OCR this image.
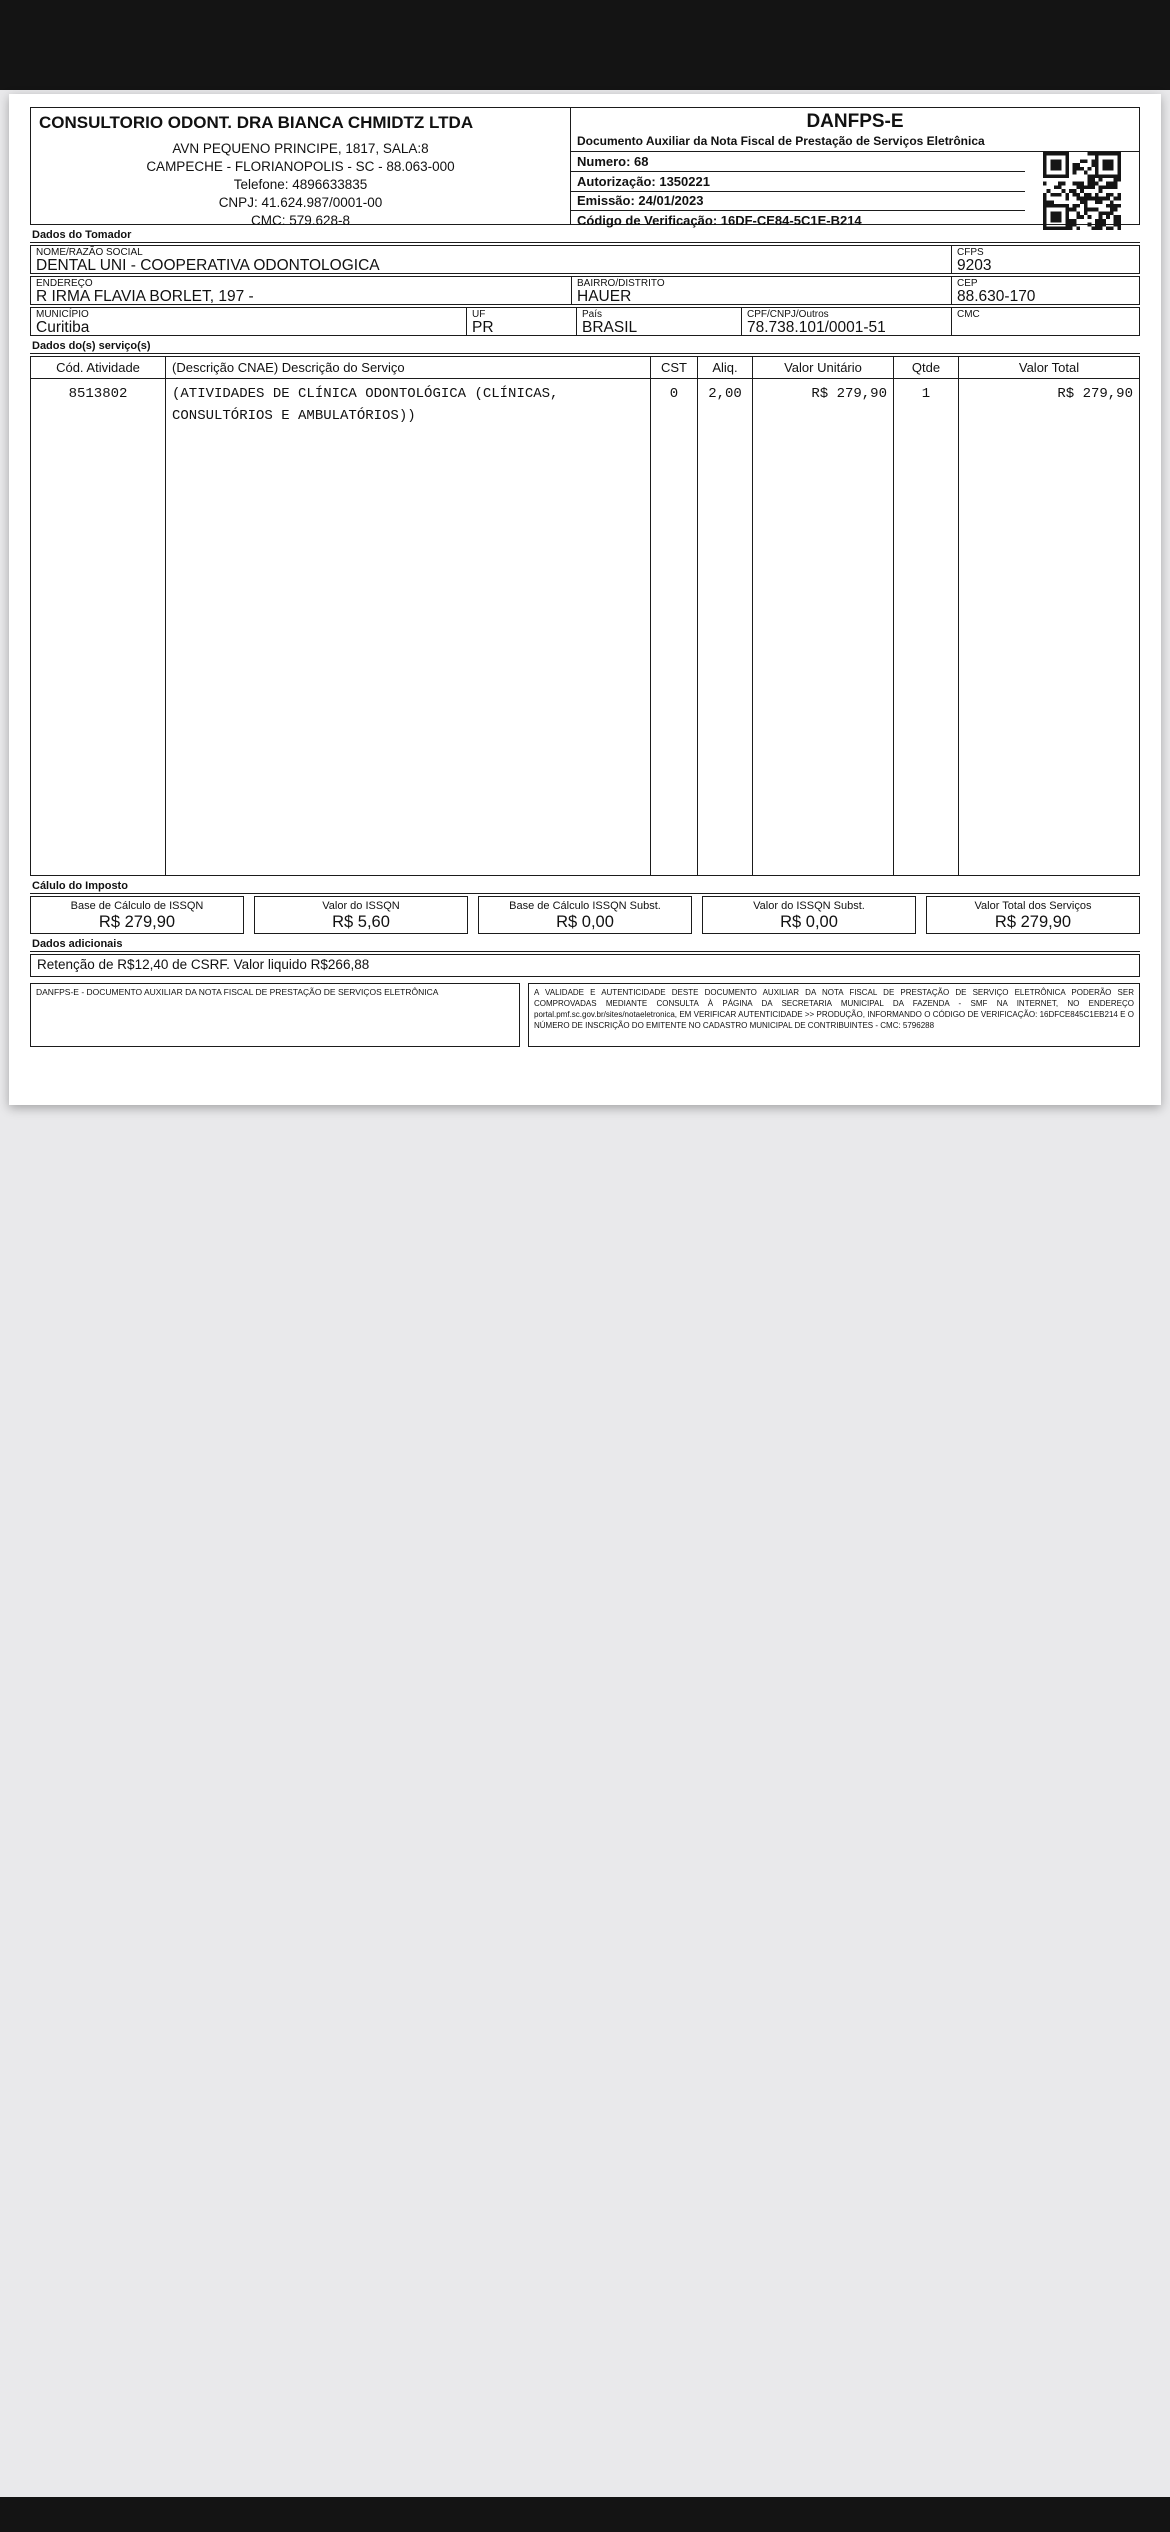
CONSULTORIO ODONT. DRA BIANCA CHMIDTZ LTDA
AVN PEQUENO PRINCIPE, 1817, SALA:8
CAMPECHE - FLORIANOPOLIS - SC - 88.063-000
Telefone: 4896633835
CNPJ: 41.624.987/0001-00
CMC: 579.628-8
DANFPS-E
Documento Auxiliar da Nota Fiscal de Prestação de Serviços Eletrônica
Numero: 68
Autorização: 1350221
Emissão: 24/01/2023
Código de Verificação: 16DF-CE84-5C1E-B214
Dados do Tomador
NOME/RAZÃO SOCIAL
DENTAL UNI - COOPERATIVA ODONTOLOGICA
CFPS
9203
ENDEREÇO
R IRMA FLAVIA BORLET, 197 -
BAIRRO/DISTRITO
HAUER
CEP
88.630-170
MUNICÍPIO
Curitiba
UF
PR
País
BRASIL
CPF/CNPJ/Outros
78.738.101/0001-51
CMC
Dados do(s) serviço(s)
Cód. Atividade
8513802
(Descrição CNAE) Descrição do Serviço
(ATIVIDADES DE CLÍNICA ODONTOLÓGICA (CLÍNICAS,
CONSULTÓRIOS E AMBULATÓRIOS))
CST
0
Aliq.
2,00
Valor Unitário
R$ 279,90
Qtde
1
Valor Total
R$ 279,90
Cálulo do Imposto
Base de Cálculo de ISSQN
R$ 279,90
Valor do ISSQN
R$ 5,60
Base de Cálculo ISSQN Subst.
R$ 0,00
Valor do ISSQN Subst.
R$ 0,00
Valor Total dos Serviços
R$ 279,90
Dados adicionais
Retenção de R$12,40 de CSRF. Valor liquido R$266,88
DANFPS-E - DOCUMENTO AUXILIAR DA NOTA FISCAL DE PRESTAÇÃO DE SERVIÇOS ELETRÔNICA	A VALIDADE E AUTENTICIDADE DESTE DOCUMENTO AUXILIAR DA NOTA FISCAL DE PRESTAÇÃO DE SERVIÇO ELETRÔNICA PODERÃO SER COMPROVADAS MEDIANTE CONSULTA À PÁGINA DA SECRETARIA MUNICIPAL DA FAZENDA - SMF NA INTERNET, NO ENDEREÇO portal.pmf.sc.gov.br/sites/notaeletronica, EM VERIFICAR AUTENTICIDADE >> PRODUÇÃO, INFORMANDO O CÓDIGO DE VERIFICAÇÃO: 16DFCE845C1EB214 E O NÚMERO DE INSCRIÇÃO DO EMITENTE NO CADASTRO MUNICIPAL DE CONTRIBUINTES - CMC: 5796288
